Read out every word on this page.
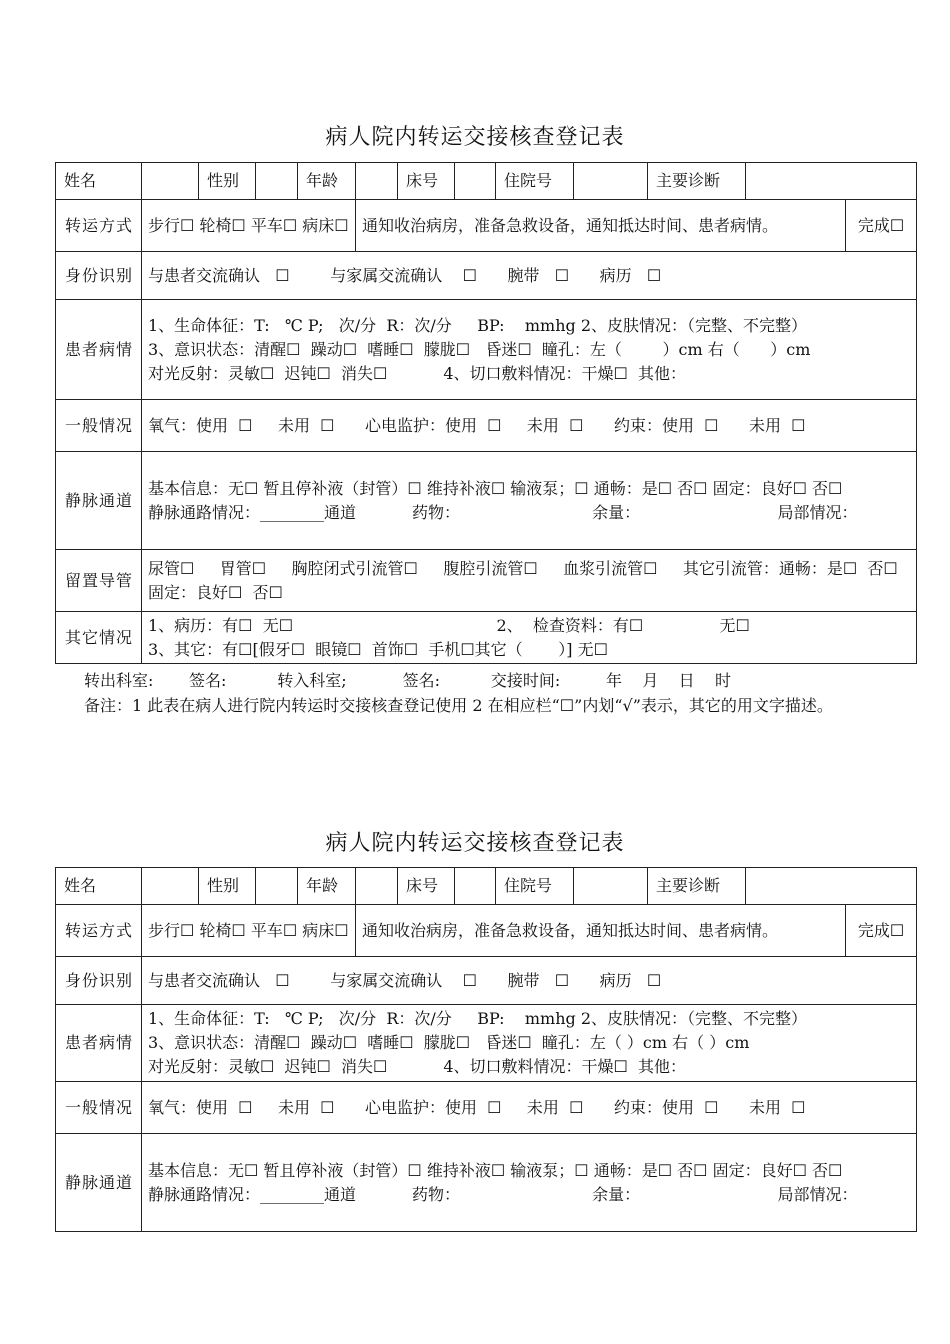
病人院内转运交接核查登记表
姓名		性别		年龄		床号		住院号		主要诊断		
转运方式	步行☐ 轮椅☐ 平车☐ 病床☐				通知收治病房，准备急救设备，通知抵达时间、患者病情。							完成☐
身份识别	与患者交流确认   ☐        与家属交流确认    ☐      腕带   ☐      病历   ☐											
患者病情	1、生命体征：T:   ℃ P;   次/分  R：次/分     BP:    mmhg 2、皮肤情况：（完整、不完整）
3、意识状态：清醒☐  躁动☐  嗜睡☐  朦胧☐   昏迷☐  瞳孔：左（        ）cm 右（      ）cm
对光反射：灵敏☐  迟钝☐  消失☐           4、切口敷料情况：干燥☐  其他：											

一般情况	氧气：使用  ☐     未用  ☐      心电监护：使用  ☐     未用  ☐      约束：使用  ☐      未用  ☐											
静脉通道	基本信息：无☐ 暂且停补液（封管）☐ 维持补液☐ 输液泵；☐ 通畅：是☐ 否☐ 固定：良好☐ 否☐
静脉通路情况：________通道           药物：                          余量：                           局部情况：											

留置导管	尿管☐     胃管☐     胸腔闭式引流管☐     腹腔引流管☐     血浆引流管☐     其它引流管：通畅：是☐  否☐          固定：良好☐  否☐											
其它情况	1、病历：有☐  无☐                                        2、  检查资料：有☐               无☐
3、其它：有☐[假牙☐  眼镜☐  首饰☐  手机☐其它（       ）] 无☐											
转出科室:       签名:          转入科室;           签名:          交接时间:         年    月    日    时
备注：1 此表在病人进行院内转运时交接核查登记使用 2 在相应栏“☐”内划“√”表示，其它的用文字描述。
病人院内转运交接核查登记表
姓名		性别		年龄		床号		住院号		主要诊断		
转运方式	步行☐ 轮椅☐ 平车☐ 病床☐				通知收治病房，准备急救设备，通知抵达时间、患者病情。							完成☐
身份识别	与患者交流确认   ☐        与家属交流确认    ☐      腕带   ☐      病历   ☐											
患者病情	1、生命体征：T:   ℃ P;   次/分  R：次/分     BP:    mmhg 2、皮肤情况：（完整、不完整）
3、意识状态：清醒☐  躁动☐  嗜睡☐  朦胧☐   昏迷☐  瞳孔：左（ ）cm 右（ ）cm
对光反射：灵敏☐  迟钝☐  消失☐           4、切口敷料情况：干燥☐  其他：											

一般情况	氧气：使用  ☐     未用  ☐      心电监护：使用  ☐     未用  ☐      约束：使用  ☐      未用  ☐											
静脉通道	基本信息：无☐ 暂且停补液（封管）☐ 维持补液☐ 输液泵；☐ 通畅：是☐ 否☐ 固定：良好☐ 否☐
静脉通路情况：________通道           药物：                          余量：                           局部情况：											
